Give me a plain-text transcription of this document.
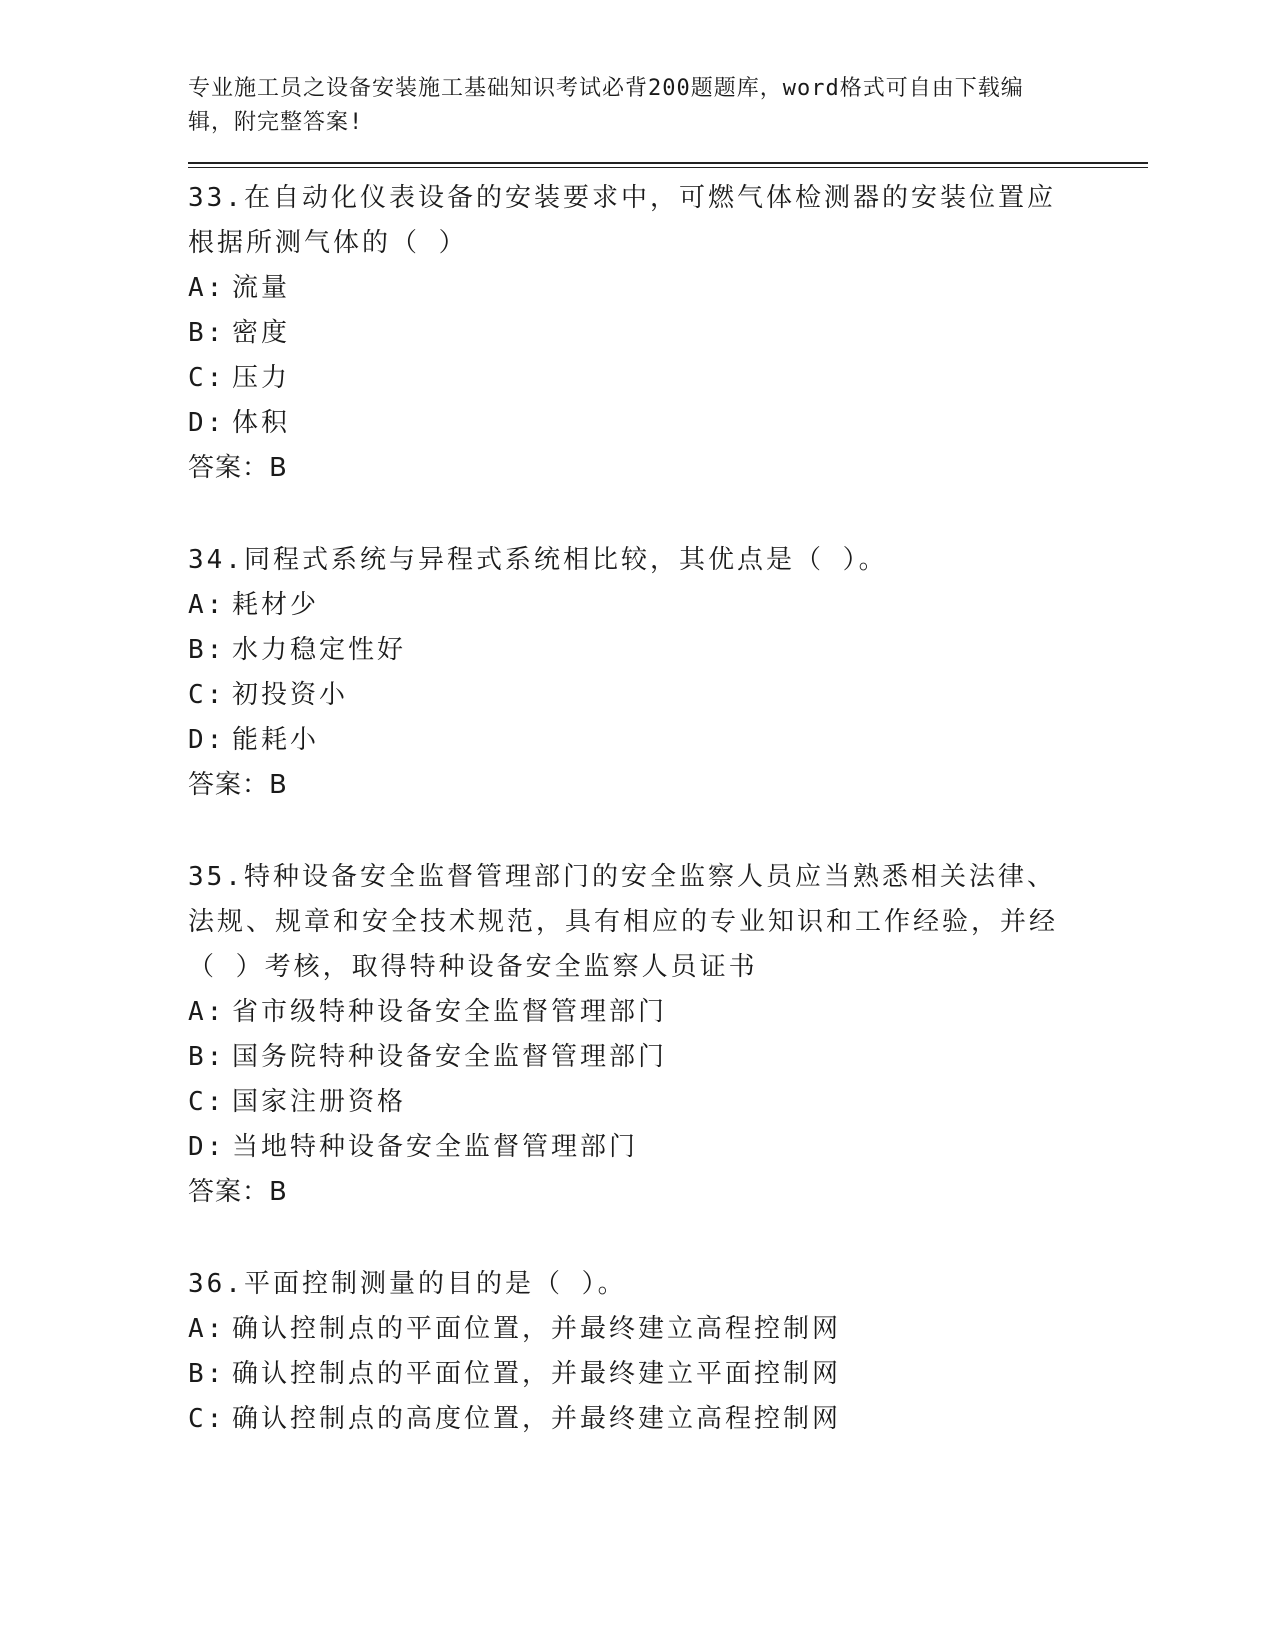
专业施工员之设备安装施工基础知识考试必背200题题库，word格式可自由下载编辑，附完整答案!

33.在自动化仪表设备的安装要求中，可燃气体检测器的安装位置应根据所测气体的（ ）

A: 流量

B: 密度

C: 压力

D: 体积

答案：B

34.同程式系统与异程式系统相比较，其优点是（ ）。

A: 耗材少

B: 水力稳定性好

C: 初投资小

D: 能耗小

答案：B

35.特种设备安全监督管理部门的安全监察人员应当熟悉相关法律、法规、规章和安全技术规范，具有相应的专业知识和工作经验，并经（ ）考核，取得特种设备安全监察人员证书

A: 省市级特种设备安全监督管理部门

B: 国务院特种设备安全监督管理部门

C: 国家注册资格

D: 当地特种设备安全监督管理部门

答案：B

36.平面控制测量的目的是（ ）。

A: 确认控制点的平面位置，并最终建立高程控制网

B: 确认控制点的平面位置，并最终建立平面控制网

C: 确认控制点的高度位置，并最终建立高程控制网
